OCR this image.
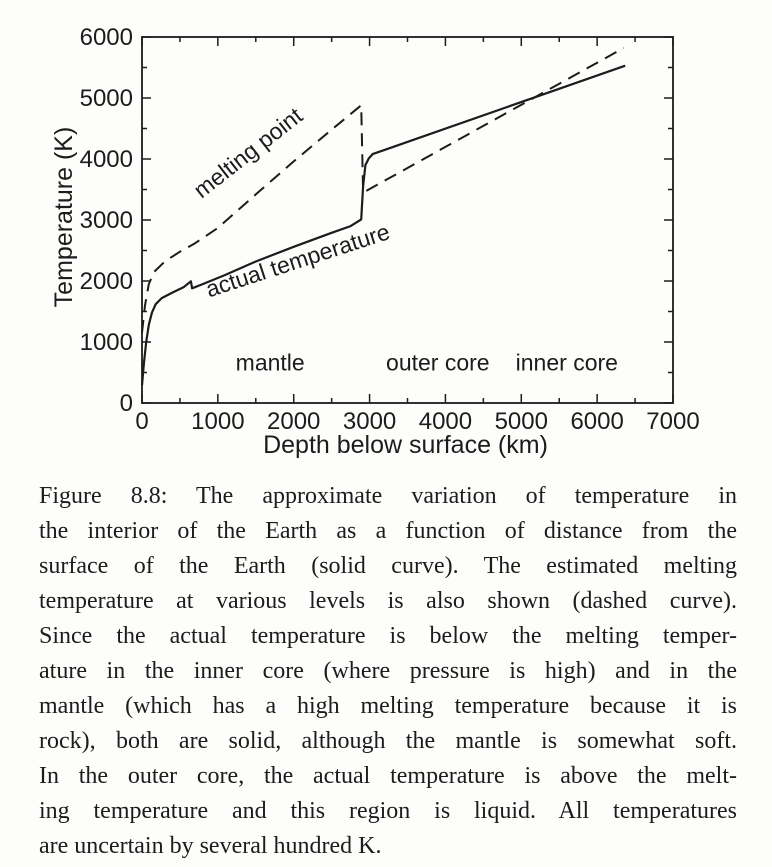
0 1000 2000 3000 4000 5000 6000 7000
0
1000
2000
3000
4000
5000
6000
Depth below surface (km)
Temperature (K)	melting point
actual temperature
mantle	outer core inner core
Figure 8.8: The approximate variation of temperature in
the interior of the Earth as a function of distance from the
surface of the Earth (solid curve). The estimated melting
temperature at various levels is also shown (dashed curve).
Since the actual temperature is below the melting temper-
ature in the inner core (where pressure is high) and in the
mantle (which has a high melting temperature because it is
rock), both are solid, although the mantle is somewhat soft.
In the outer core, the actual temperature is above the melt-
ing temperature and this region is liquid. All temperatures
are uncertain by several hundred K.
